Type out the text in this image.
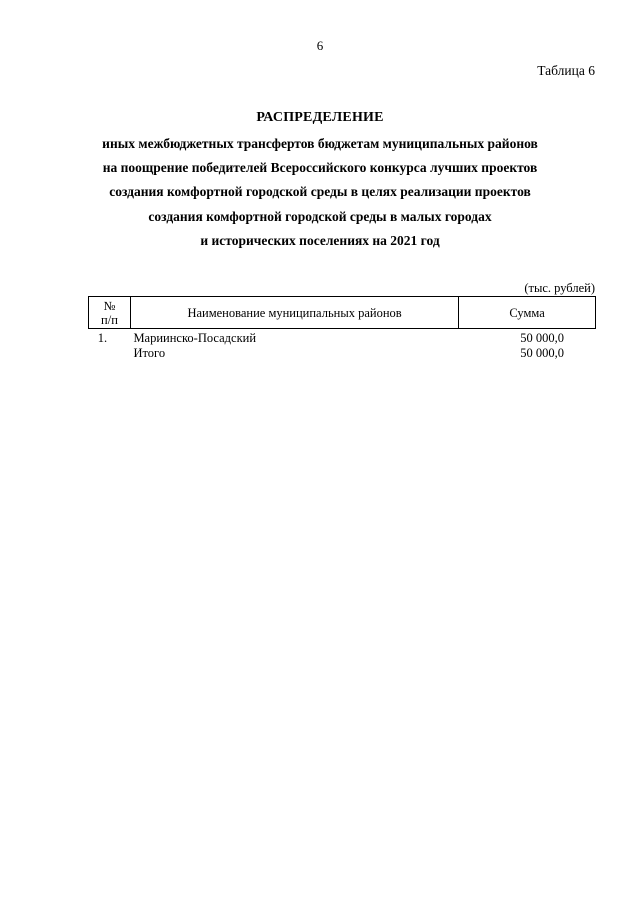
6
Таблица 6
РАСПРЕДЕЛЕНИЕ
иных межбюджетных трансфертов бюджетам муниципальных районов
на поощрение победителей Всероссийского конкурса лучших проектов
создания комфортной городской среды в целях реализации проектов
создания комфортной городской среды в малых городах
и исторических поселениях на 2021 год
(тыс. рублей)
№
п/п	Наименование муниципальных районов	Сумма
1.	Мариинско-Посадский	50 000,0
	Итого	50 000,0
